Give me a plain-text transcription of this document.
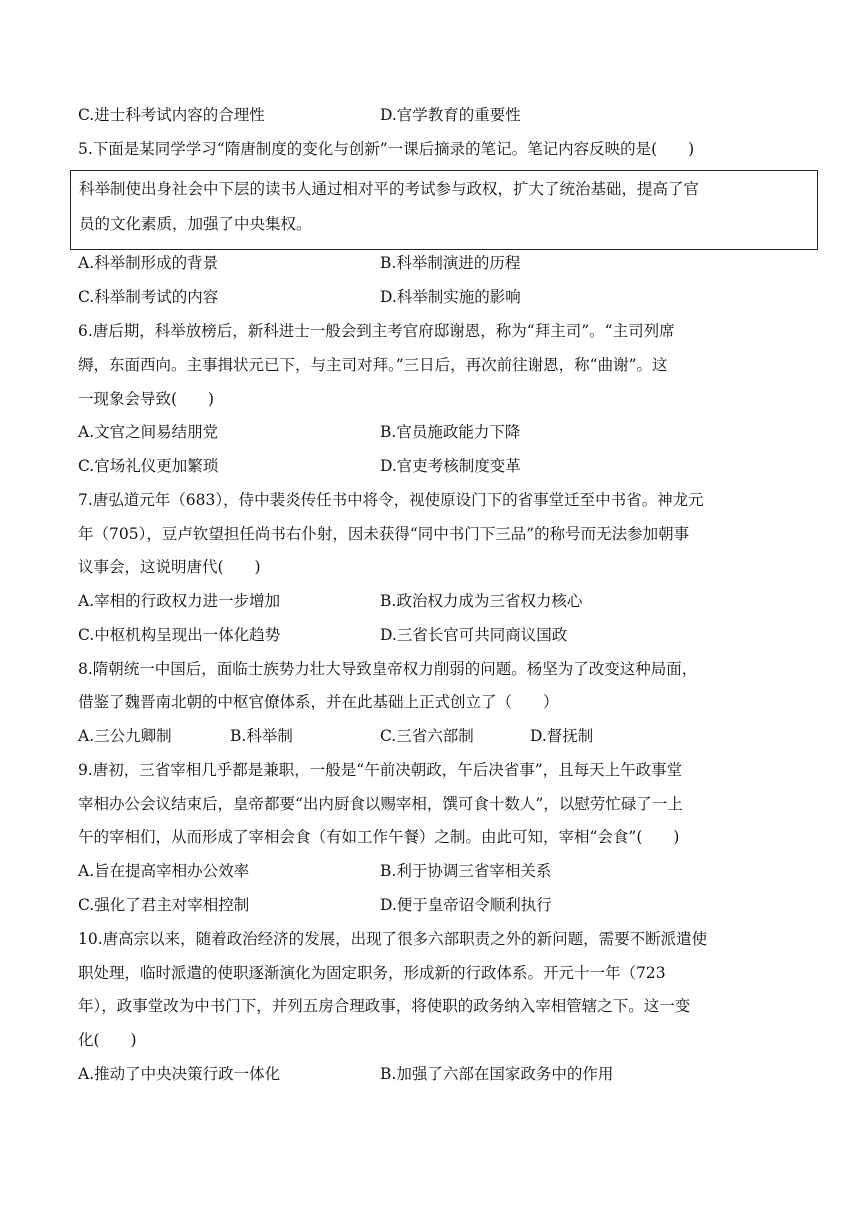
C.进士科考试内容的合理性	D.官学教育的重要性
5.下面是某同学学习“隋唐制度的变化与创新”一课后摘录的笔记。笔记内容反映的是(　　)
科举制使出身社会中下层的读书人通过相对平的考试参与政权，扩大了统治基础，提高了官
员的文化素质，加强了中央集权。
A.科举制形成的背景	B.科举制演进的历程
C.科举制考试的内容	D.科举制实施的影响
6.唐后期，科举放榜后，新科进士一般会到主考官府邸谢恩，称为“拜主司”。“主司列席
缛，东面西向。主事揖状元已下，与主司对拜。”三日后，再次前往谢恩，称“曲谢”。这
一现象会导致(　　)
A.文官之间易结朋党	B.官员施政能力下降
C.官场礼仪更加繁琐	D.官吏考核制度变革
7.唐弘道元年（683），侍中裴炎传任书中将令，视使原设门下的省事堂迁至中书省。神龙元
年（705），豆卢钦望担任尚书右仆射，因未获得“同中书门下三品”的称号而无法参加朝事
议事会，这说明唐代(　　)
A.宰相的行政权力进一步增加	B.政治权力成为三省权力核心
C.中枢机构呈现出一体化趋势	D.三省长官可共同商议国政
8.隋朝统一中国后，面临士族势力壮大导致皇帝权力削弱的问题。杨坚为了改变这种局面，
借鉴了魏晋南北朝的中枢官僚体系，并在此基础上正式创立了（　　）
A.三公九卿制	B.科举制	C.三省六部制	D.督抚制
9.唐初，三省宰相几乎都是兼职，一般是“午前决朝政，午后决省事”，且每天上午政事堂
宰相办公会议结束后，皇帝都要“出内厨食以赐宰相，馔可食十数人”，以慰劳忙碌了一上
午的宰相们，从而形成了宰相会食（有如工作午餐）之制。由此可知，宰相“会食”(　　)
A.旨在提高宰相办公效率	B.利于协调三省宰相关系
C.强化了君主对宰相控制	D.便于皇帝诏令顺利执行
10.唐高宗以来，随着政治经济的发展，出现了很多六部职责之外的新问题，需要不断派遣使
职处理，临时派遣的使职逐渐演化为固定职务，形成新的行政体系。开元十一年（723
年），政事堂改为中书门下，并列五房合理政事，将使职的政务纳入宰相管辖之下。这一变
化(　　)
A.推动了中央决策行政一体化	B.加强了六部在国家政务中的作用
